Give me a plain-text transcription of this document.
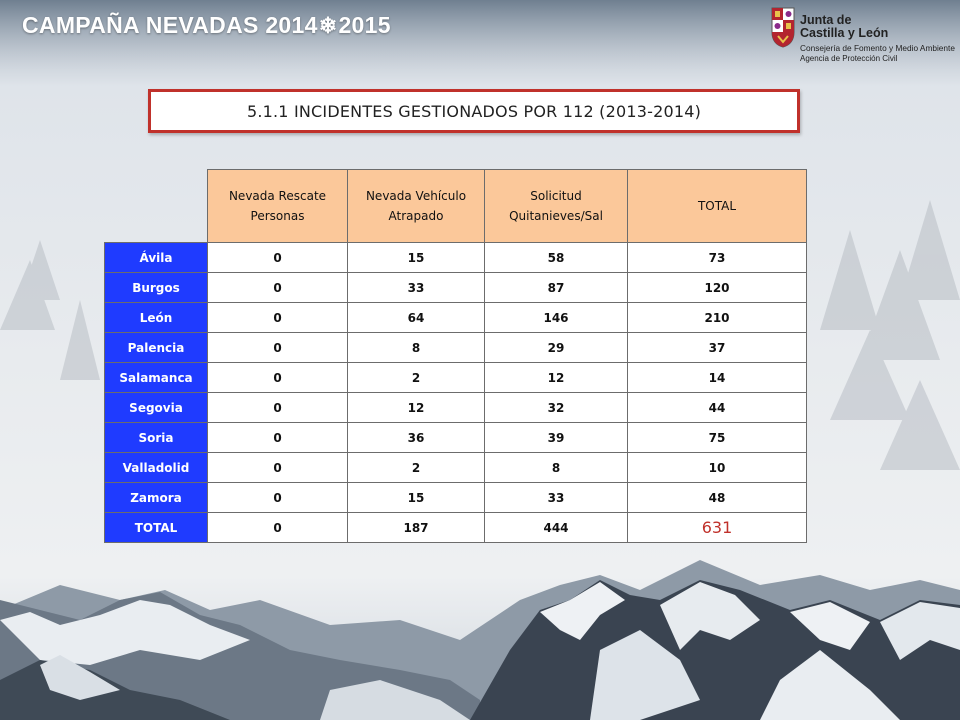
CAMPAÑA NEVADAS 2014❄2015	Junta de
Castilla y León
Consejería de Fomento y Medio Ambiente
Agencia de Protección Civil
5.1.1 INCIDENTES GESTIONADOS POR 112 (2013-2014)
	Nevada Rescate Personas	Nevada Vehículo Atrapado	Solicitud Quitanieves/Sal	TOTAL
Ávila	0	15	58	73
Burgos	0	33	87	120
León	0	64	146	210
Palencia	0	8	29	37
Salamanca	0	2	12	14
Segovia	0	12	32	44
Soria	0	36	39	75
Valladolid	0	2	8	10
Zamora	0	15	33	48
TOTAL	0	187	444	631
